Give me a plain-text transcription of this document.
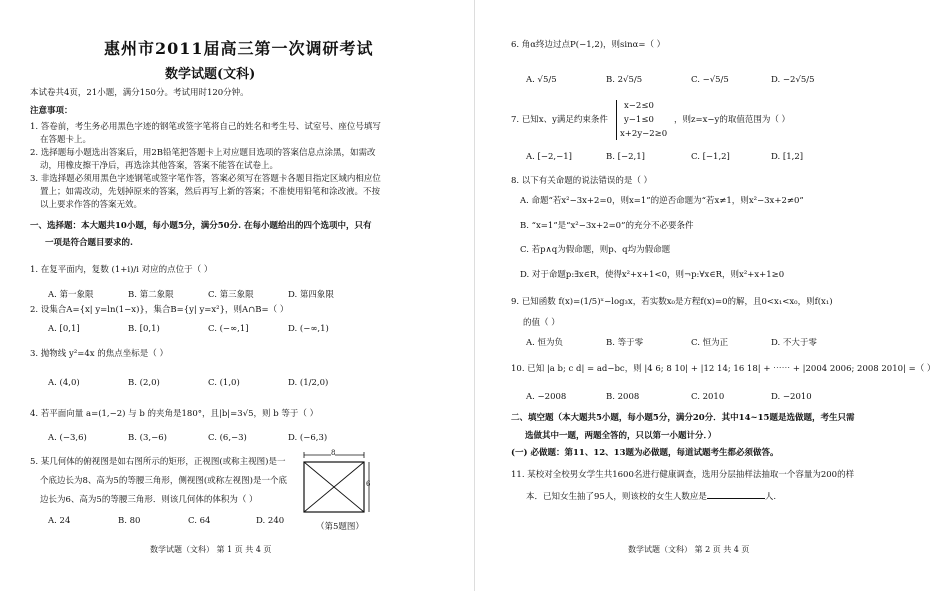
惠州市2011届高三第一次调研考试
数学试题(文科)
本试卷共4页，21小题，满分150分。考试用时120分钟。
注意事项：
1. 答卷前，考生务必用黑色字迹的钢笔或签字笔将自己的姓名和考生号、试室号、座位号填写
在答题卡上。
2. 选择题每小题选出答案后，用2B铅笔把答题卡上对应题目选项的答案信息点涂黑，如需改
动，用橡皮擦干净后，再选涂其他答案，答案不能答在试卷上。
3. 非选择题必须用黑色字迹钢笔或签字笔作答，答案必须写在答题卡各题目指定区域内相应位
置上；如需改动，先划掉原来的答案，然后再写上新的答案；不准使用铅笔和涂改液。不按
以上要求作答的答案无效。
一、选择题：本大题共10小题，每小题5分，满分50分. 在每小题给出的四个选项中，只有
一项是符合题目要求的.
1. 在复平面内，复数 (1+i)/i 对应的点位于（ ）
A. 第一象限	B. 第二象限	C. 第三象限	D. 第四象限
2. 设集合A={x| y=ln(1−x)}，集合B={y| y=x²}，则A∩B=（ ）
A. [0,1]	B. [0,1)	C. (−∞,1]	D. (−∞,1)
3. 抛物线 y²=4x 的焦点坐标是（ ）
A. (4,0)	B. (2,0)	C. (1,0)	D. (1/2,0)
4. 若平面向量 a=(1,−2) 与 b 的夹角是180°，且|b|=3√5，则 b 等于（ ）
A. (−3,6)	B. (3,−6)	C. (6,−3)	D. (−6,3)
5. 某几何体的俯视图是如右图所示的矩形，正视图(或称主视图)是一
个底边长为8、高为5的等腰三角形，侧视图(或称左视图)是一个底
边长为6、高为5的等腰三角形．则该几何体的体积为（ ）
A. 24	B. 80	C. 64	D. 240
8
6
（第5题图）
数学试题（文科） 第 1 页 共 4 页
6. 角α终边过点P(−1,2)，则sinα=（ ）
A. √5/5	B. 2√5/5	C. −√5/5	D. −2√5/5
7. 已知x、y满足约束条件
x−2≤0
y−1≤0
x+2y−2≥0
，则z=x−y的取值范围为（ ）
A. [−2,−1]	B. [−2,1]	C. [−1,2]	D. [1,2]
8. 以下有关命题的说法错误的是（ ）
A. 命题“若x²−3x+2=0，则x=1”的逆否命题为“若x≠1，则x²−3x+2≠0”
B. “x=1”是“x²−3x+2=0”的充分不必要条件
C. 若p∧q为假命题，则p、q均为假命题
D. 对于命题p:∃x∈R，使得x²+x+1<0，则¬p:∀x∈R，则x²+x+1≥0
9. 已知函数 f(x)=(1/5)ˣ−log₃x，若实数x₀是方程f(x)=0的解，且0<x₁<x₀，则f(x₁)
的值（ ）
A. 恒为负	B. 等于零	C. 恒为正	D. 不大于零
10. 已知 |a b; c d| = ad−bc，则 |4 6; 8 10| + |12 14; 16 18| + ⋯⋯ + |2004 2006; 2008 2010| =（ ）
A. −2008	B. 2008	C. 2010	D. −2010
二、填空题（本大题共5小题，每小题5分，满分20分．其中14~15题是选做题，考生只需
选做其中一题，两题全答的，只以第一小题计分．）
(一) 必做题：第11、12、13题为必做题，每道试题考生都必须做答。
11. 某校对全校男女学生共1600名进行健康调查，选用分层抽样法抽取一个容量为200的样
本．已知女生抽了95人，则该校的女生人数应是	人.
数学试题（文科） 第 2 页 共 4 页
